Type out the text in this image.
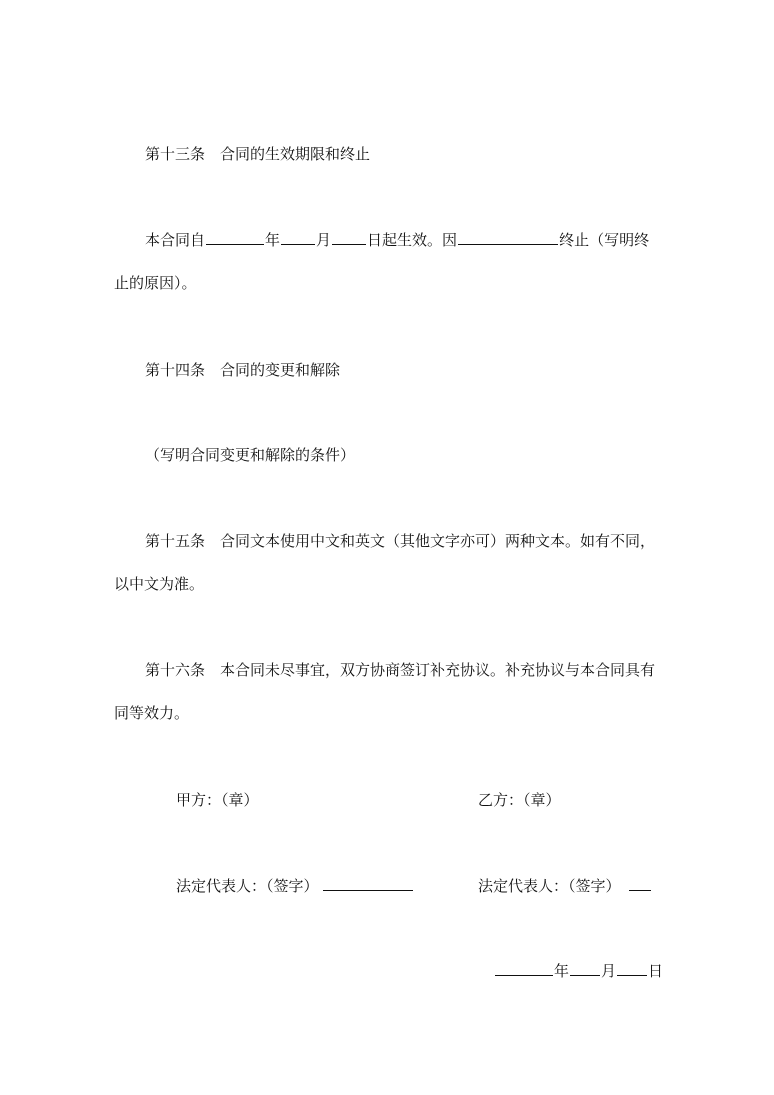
第十三条 合同的生效期限和终止
本合同自	年 月 日起生效。因	终止（写明终
止的原因）。
第十四条 合同的变更和解除
（写明合同变更和解除的条件）
第十五条 合同文本使用中文和英文（其他文字亦可）两种文本。如有不同，
以中文为准。
第十六条 本合同未尽事宜，双方协商签订补充协议。补充协议与本合同具有
同等效力。
甲方：（章）	乙方：（章）
法定代表人：（签字）	法定代表人：（签字）
年 月 日
